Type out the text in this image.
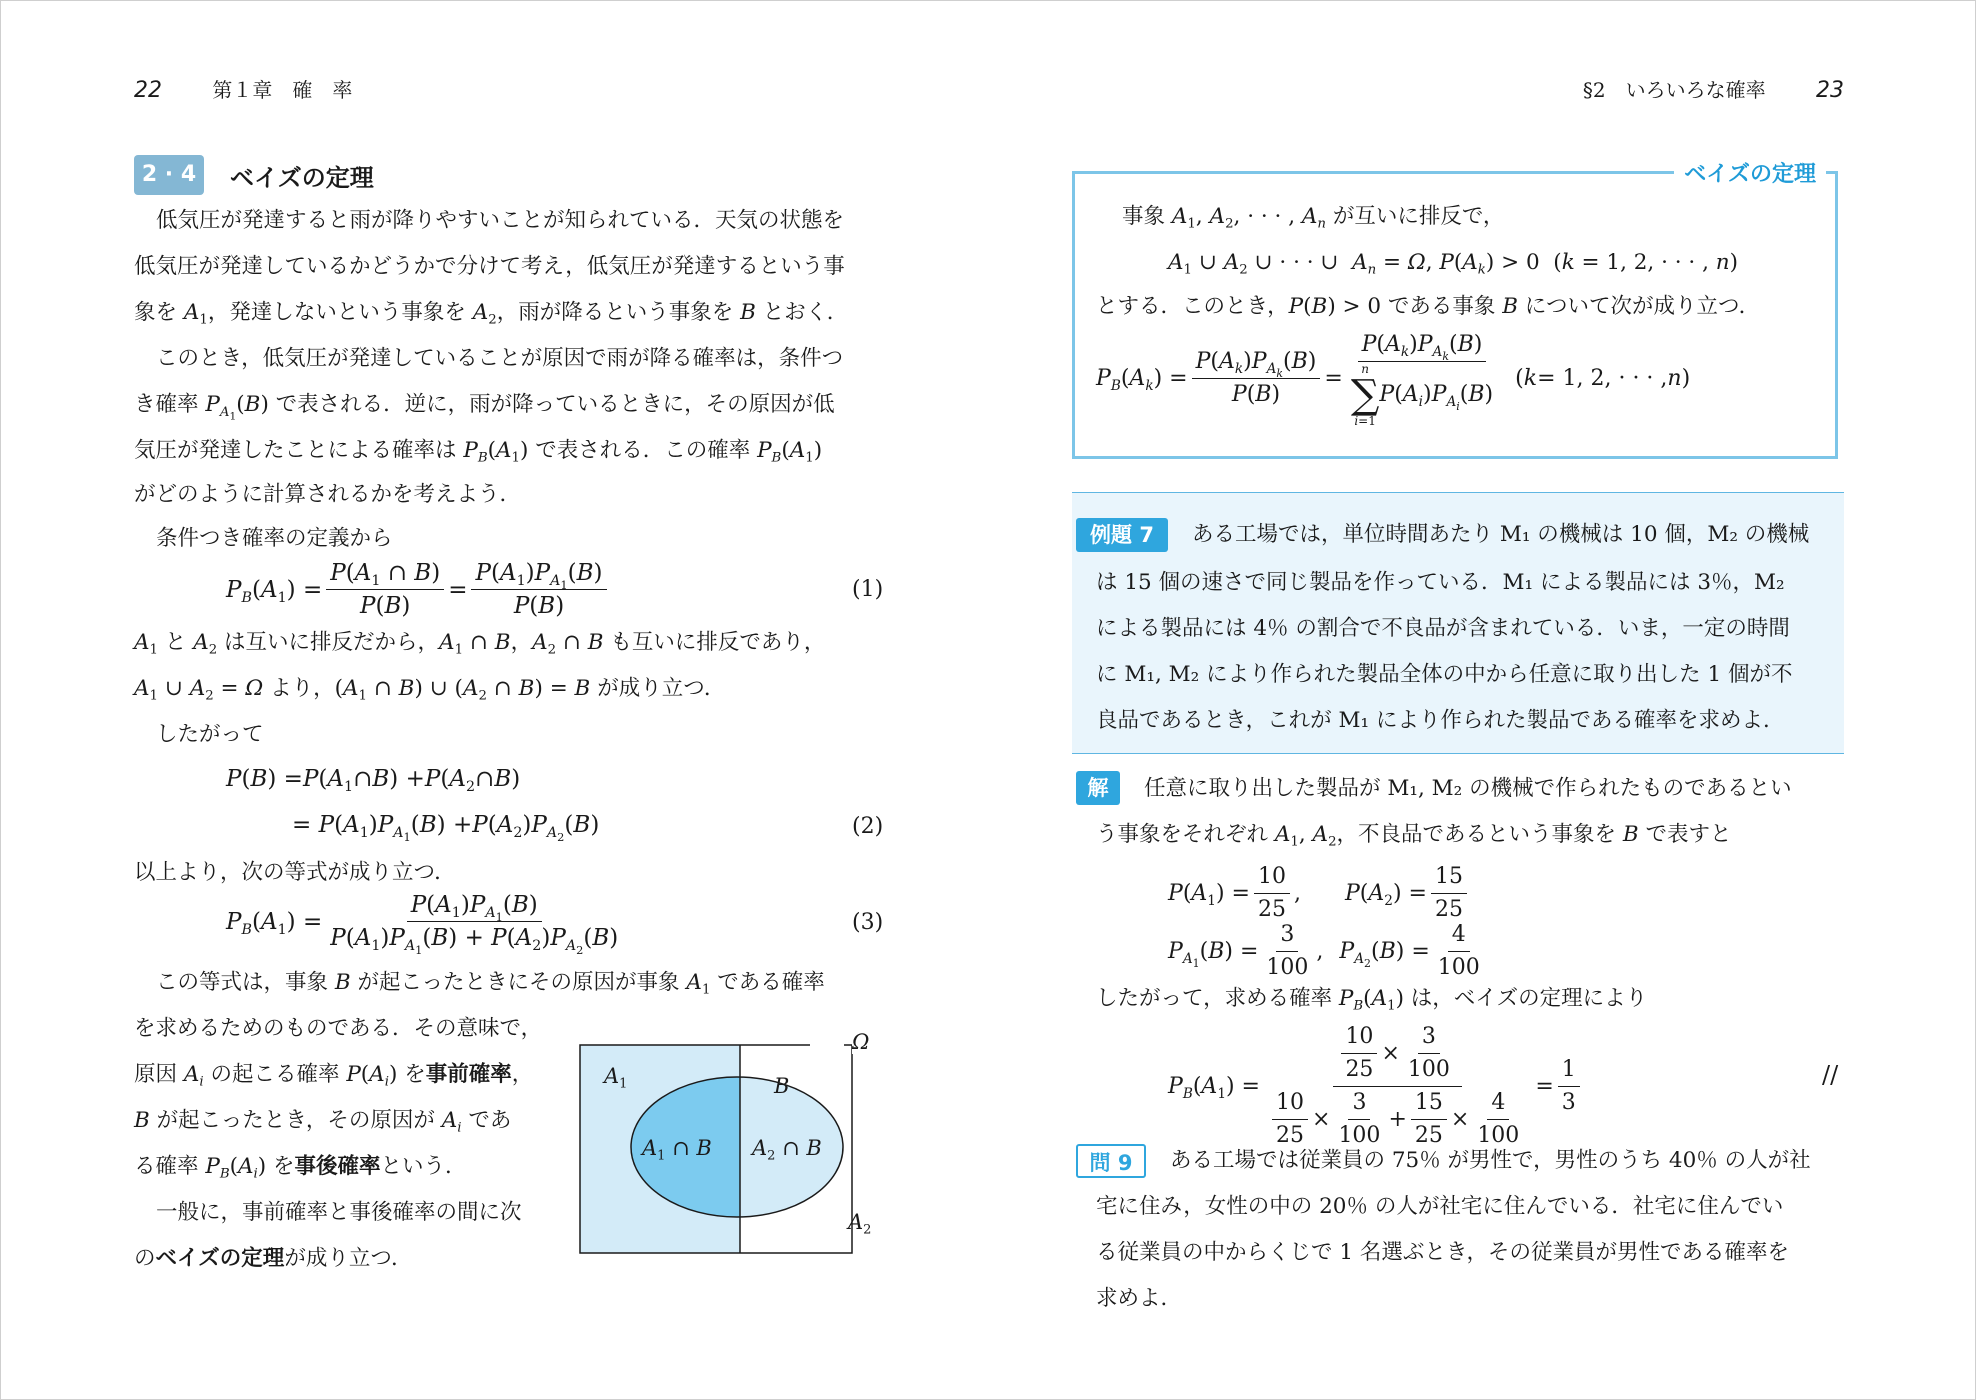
22	第１章　確　率
2 · 4	ベイズの定理
低気圧が発達すると雨が降りやすいことが知られている．天気の状態を
低気圧が発達しているかどうかで分けて考え，低気圧が発達するという事
象を $A_1$，発達しないという事象を $A_2$，雨が降るという事象を B とおく．
このとき，低気圧が発達していることが原因で雨が降る確率は，条件つ
き確率 $P_{A_1}(B)$ で表される．逆に，雨が降っているときに，その原因が低
気圧が発達したことによる確率は $P_B(A_1)$ で表される．この確率 $P_B(A_1)$
がどのように計算されるかを考えよう．
条件つき確率の定義から
$P_B$ ( $A_1$ ) = $\frac{P(A_1 \cap B)}{P(B)} = \frac{P(A_1)P_{A_1}(B)}{P(B)}$	(1)
$A_1$ と $A_2$ は互いに排反だから，$A_1$ ∩ B，$A_2$ ∩ B も互いに排反であり，
$A_1$ ∪ $A_2 = \Omega$ より，($A_1$ ∩ B) ∪ ($A_2$ ∩ B) = B が成り立つ．
したがって
P ( B ) = P ( $A_1$ ∩ B ) + P ( $A_2$ ∩ B )
= P ( $A_1$ ) $P_{A_1}$ ( B ) + P ( $A_2$ ) $P_{A_2}$ ( B )	(2)
以上より，次の等式が成り立つ．
$P_B$ ( $A_1$ ) = $\frac{P(A_1)P_{A_1}(B)}{P(A_1)P_{A_1}(B) + P(A_2)P_{A_2}(B)}$	(3)
この等式は，事象 B が起こったときにその原因が事象 $A_1$ である確率
を求めるためのものである．その意味で，
原因 $A_i$ の起こる確率 $P(A_i)$ を事前確率，
B が起こったとき，その原因が $A_i$ であ
る確率 $P_B(A_i)$ を事後確率という．
一般に，事前確率と事後確率の間に次
のベイズの定理が成り立つ．
Ω
$A_1$	B
$A_1$ ∩ B $A_2$ ∩ B
$A_2$
§2　いろいろな確率 23
ベイズの定理
事象 $A_1$, $A_2$, · · · , $A_n$ が互いに排反で，
$A_1$ ∪ $A_2$ ∪ · · · ∪  $A_n = \Omega$, $P(A_k) > 0$  (k = 1, 2, · · · , n)
とする．このとき，P(B) > 0 である事象 B について次が成り立つ．
$P_B$ ( $A_k$ ) = $\frac{P(A_k)P_{A_k}(B)}{P(B)} = P(A_k)P_{A_k}(B)$
n
∑
i=1
P ( $A_i$ ) $P_{A_i}$ ( B ) ( k = 1, 2, · · · , n )
例題 7	ある工場では，単位時間あたり M₁ の機械は 10 個，M₂ の機械
は 15 個の速さで同じ製品を作っている．M₁ による製品には 3％，M₂
による製品には 4％ の割合で不良品が含まれている．いま，一定の時間
に M₁, M₂ により作られた製品全体の中から任意に取り出した 1 個が不
良品であるとき，これが M₁ により作られた製品である確率を求めよ．
解	任意に取り出した製品が M₁, M₂ の機械で作られたものであるとい
う事象をそれぞれ $A_1$, $A_2$，不良品であるという事象を B で表すと
P ( $A_1$ ) = $\frac{10}{25}$ , P ( $A_2$ ) = $\frac{15}{25}$
$P_{A_1}$ ( B ) = $\frac{3}{100}$ , $P_{A_2}$ ( B ) = $\frac{4}{100}$
したがって，求める確率 $P_B(A_1)$ は，ベイズの定理により
$P_B$ ( $A_1$ ) = $\frac{\frac{10}{25} \times \frac{3}{100}}{\frac{10}{25} \times \frac{3}{100} + \frac{15}{25} \times \frac{4}{100}} = \frac{1}{3}$	//
問 9	ある工場では従業員の 75％ が男性で，男性のうち 40％ の人が社
宅に住み，女性の中の 20％ の人が社宅に住んでいる．社宅に住んでい
る従業員の中からくじで 1 名選ぶとき，その従業員が男性である確率を
求めよ．
